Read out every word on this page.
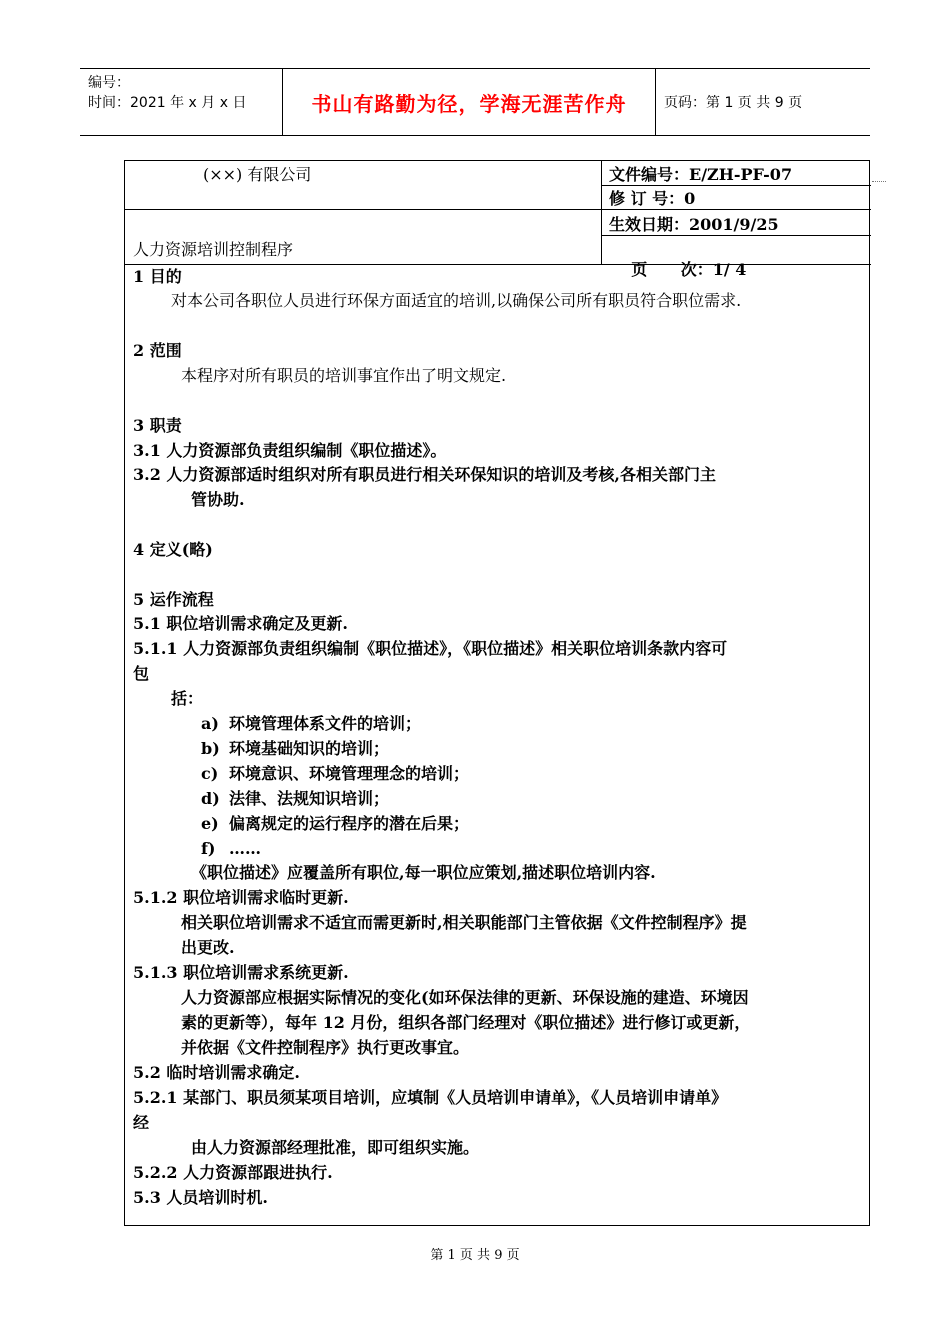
编号：
时间：2021 年 x 月 x 日	书山有路勤为径，学海无涯苦作舟	页码：第 1 页 共 9 页
(××) 有限公司
人力资源培训控制程序
文件编号：E/ZH-PF-07
修 订 号：0
生效日期：2001/9/25

页      次：1/ 4

1 目的
对本公司各职位人员进行环保方面适宜的培训,以确保公司所有职员符合职位需求.
2 范围
本程序对所有职员的培训事宜作出了明文规定.
3 职责
3.1 人力资源部负责组织编制《职位描述》。
3.2 人力资源部适时组织对所有职员进行相关环保知识的培训及考核,各相关部门主
管协助.
4 定义(略)
5 运作流程
5.1 职位培训需求确定及更新.
5.1.1 人力资源部负责组织编制《职位描述》，《职位描述》相关职位培训条款内容可
包
括：
a) 环境管理体系文件的培训；
b) 环境基础知识的培训；
c) 环境意识、环境管理理念的培训；
d) 法律、法规知识培训；
e) 偏离规定的运行程序的潜在后果；
f) ……
《职位描述》应覆盖所有职位,每一职位应策划,描述职位培训内容.
5.1.2 职位培训需求临时更新.
相关职位培训需求不适宜而需更新时,相关职能部门主管依据《文件控制程序》提
出更改.
5.1.3 职位培训需求系统更新.
人力资源部应根据实际情况的变化(如环保法律的更新、环保设施的建造、环境因
素的更新等），每年 12 月份，组织各部门经理对《职位描述》进行修订或更新，
并依据《文件控制程序》执行更改事宜。
5.2 临时培训需求确定.
5.2.1 某部门、职员须某项目培训，应填制《人员培训申请单》，《人员培训申请单》
经
由人力资源部经理批准，即可组织实施。
5.2.2 人力资源部跟进执行.
5.3 人员培训时机.
第 1 页 共 9 页
